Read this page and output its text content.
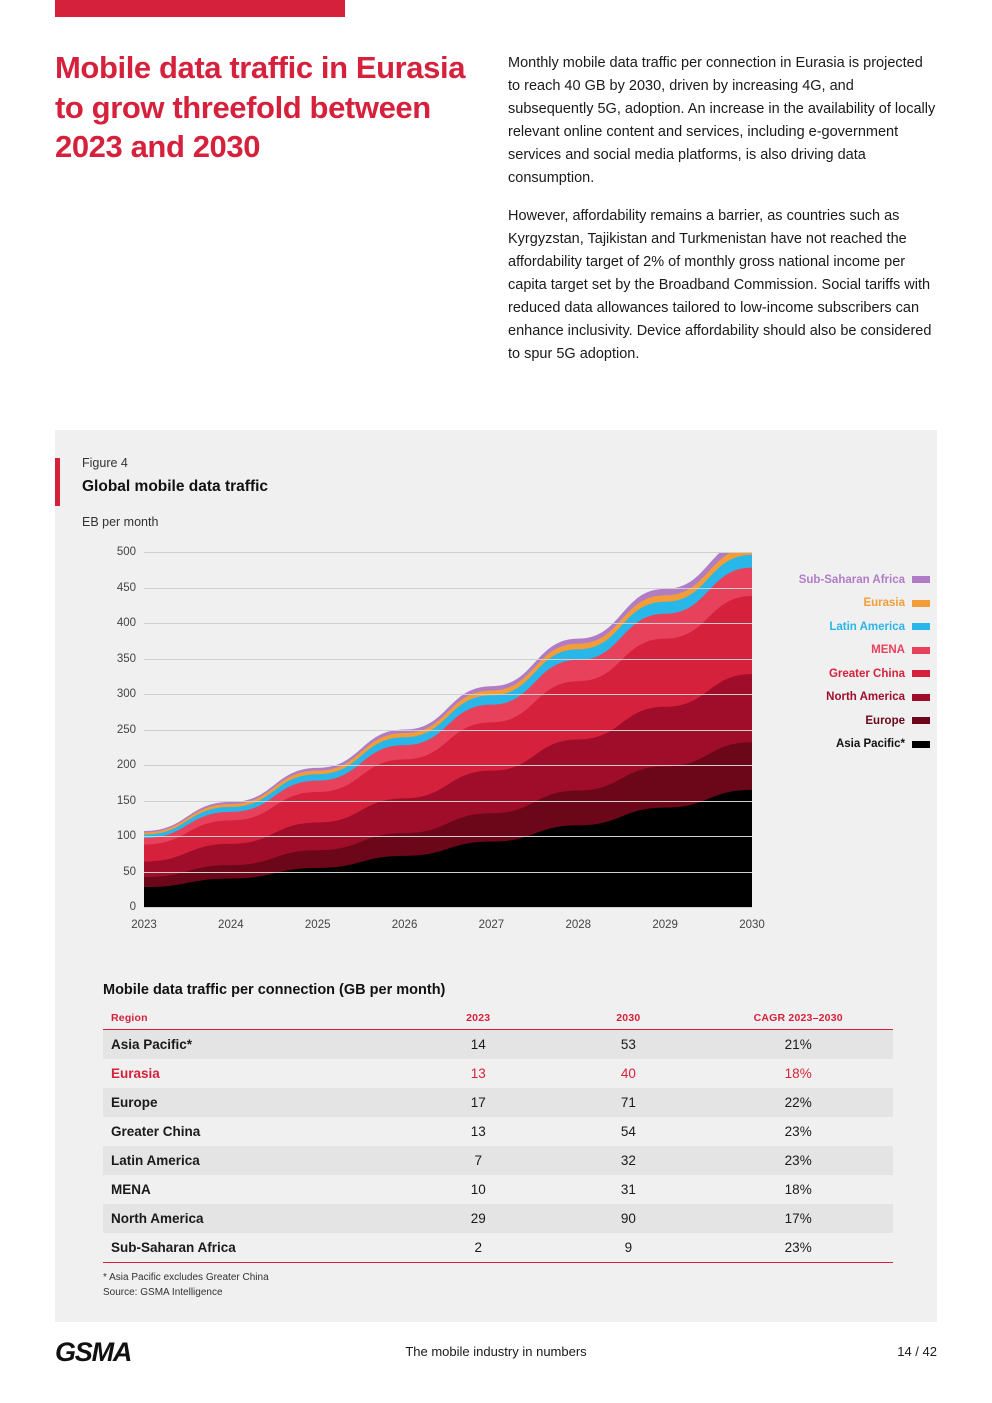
Mobile data traffic in Eurasia to grow threefold between 2023 and 2030

Monthly mobile data traffic per connection in Eurasia is projected to reach 40 GB by 2030, driven by increasing 4G, and subsequently 5G, adoption. An increase in the availability of locally relevant online content and services, including e-government services and social media platforms, is also driving data consumption.

However, affordability remains a barrier, as countries such as Kyrgyzstan, Tajikistan and Turkmenistan have not reached the affordability target of 2% of monthly gross national income per capita target set by the Broadband Commission. Social tariffs with reduced data allowances tailored to low-income subscribers can enhance inclusivity. Device affordability should also be considered to spur 5G adoption.

Figure 4
Global mobile data traffic
EB per month
0
50
100
150
200
250
300
350
400
450
500
2023	2024	2025	2026	2027	2028	2029	2030
Sub-Saharan Africa
Eurasia
Latin America
MENA
Greater China
North America
Europe
Asia Pacific*
Mobile data traffic per connection (GB per month)
Region	2023	2030	CAGR 2023–2030
Asia Pacific*	14	53	21%
Eurasia	13	40	18%
Europe	17	71	22%
Greater China	13	54	23%
Latin America	7	32	23%
MENA	10	31	18%
North America	29	90	17%
Sub-Saharan Africa	2	9	23%
* Asia Pacific excludes Greater China
Source: GSMA Intelligence
GSMA	The mobile industry in numbers	14 / 42
